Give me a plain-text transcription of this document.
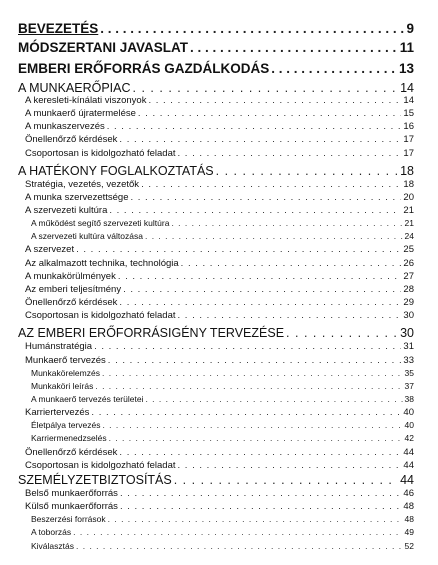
BEVEZETÉS . . .	9
MÓDSZERTANI JAVASLAT . . .	11
EMBERI ERŐFORRÁS GAZDÁLKODÁS . . .	13
A MUNKAERŐPIAC . . .	14
A keresleti-kínálati viszonyok . . .	14
A munkaerő újratermelése . . .	15
A munkaszervezés . . .	16
Önellenőrző kérdések . . .	17
Csoportosan is kidolgozható feladat . . .	17
A HATÉKONY FOGLALKOZTATÁS . . .	18
Stratégia, vezetés, vezetők . . .	18
A munka szervezettsége . . .	20
A szervezeti kultúra . . .	21
A működést segítő szervezeti kultúra . . .	21
A szervezeti kultúra változása . . .	24
A szervezet . . .	25
Az alkalmazott technika, technológia . . .	26
A munkakörülmények . . .	27
Az emberi teljesítmény . . .	28
Önellenőrző kérdések . . .	29
Csoportosan is kidolgozható feladat . . .	30
AZ EMBERI ERŐFORRÁSIGÉNY TERVEZÉSE . . .	30
Humánstratégia . . .	31
Munkaerő tervezés . . .	33
Munkakörelemzés . . .	35
Munkaköri leírás . . .	37
A munkaerő tervezés területei . . .	38
Karriertervezés . . .	40
Életpálya tervezés . . .	40
Karriermenedzselés . . .	42
Önellenőrző kérdések . . .	44
Csoportosan is kidolgozható feladat . . .	44
SZEMÉLYZETBIZTOSÍTÁS . . .	44
Belső munkaerőforrás . . .	46
Külső munkaerőforrás . . .	48
Beszerzési források . . .	48
A toborzás . . .	49
Kiválasztás . . .	52
